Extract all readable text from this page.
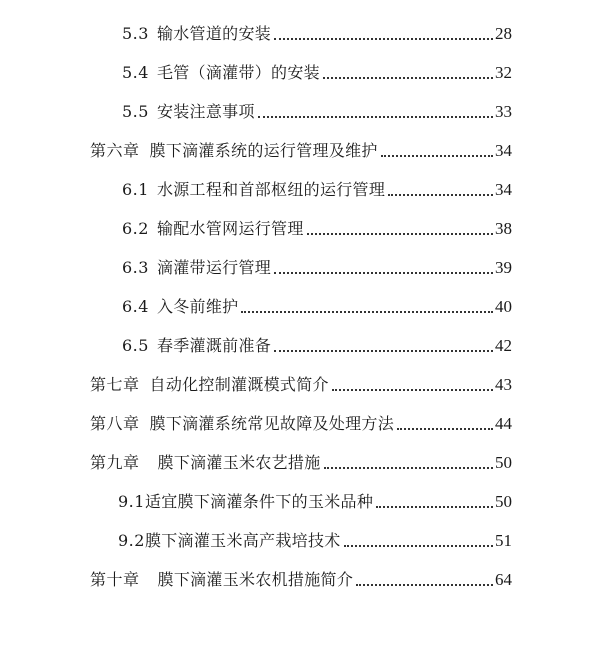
5.3 输水管道的安装	28
5.4 毛管（滴灌带）的安装	32
5.5 安装注意事项	33
第六章 膜下滴灌系统的运行管理及维护	34
6.1 水源工程和首部枢纽的运行管理	34
6.2 输配水管网运行管理	38
6.3 滴灌带运行管理	39
6.4 入冬前维护	40
6.5 春季灌溉前准备	42
第七章 自动化控制灌溉模式简介	43
第八章 膜下滴灌系统常见故障及处理方法	44
第九章 膜下滴灌玉米农艺措施	50
9.1 适宜膜下滴灌条件下的玉米品种	50
9.2 膜下滴灌玉米高产栽培技术	51
第十章 膜下滴灌玉米农机措施简介	64
